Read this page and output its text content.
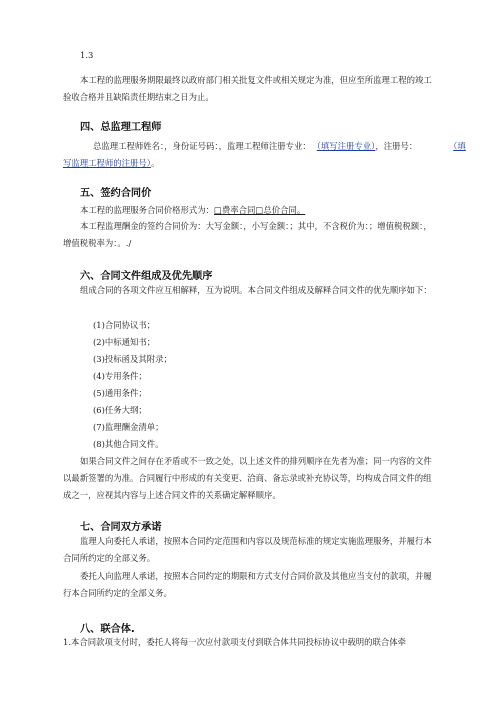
1.3

本工程的监理服务期限最终以政府部门相关批复文件或相关规定为准，但应至所监理工程的竣工验收合格并且缺陷责任期结束之日为止。

四、总监理工程师
总监理工程师姓名：，身份证号码：，监理工程师注册专业： （填写注册专业），注册号：	（填
写监理工程师的注册号）。
五、签约合同价
本工程的监理服务合同价格形式为：□费率合同□总价合同。

本工程监理酬金的签约合同价为：大写金额：，小写金额：；其中，不含税价为：；增值税税额：，增值税税率为：。./

六、合同文件组成及优先顺序

组成合同的各项文件应互相解释，互为说明。本合同文件组成及解释合同文件的优先顺序如下：

(1)合同协议书；
(2)中标通知书；
(3)投标函及其附录；
(4)专用条件；
(5)通用条件；
(6)任务大纲；
(7)监理酬金清单；
(8)其他合同文件。

如果合同文件之间存在矛盾或不一致之处，以上述文件的排列顺序在先者为准；同一内容的文件以最新签署的为准。合同履行中形成的有关变更、洽商、备忘录或补充协议等，均构成合同文件的组成之一，应视其内容与上述合同文件的关系确定解释顺序。

七、合同双方承诺

监理人向委托人承诺，按照本合同约定范围和内容以及规范标准的规定实施监理服务，并履行本合同所约定的全部义务。

委托人向监理人承诺，按照本合同约定的期限和方式支付合同价款及其他应当支付的款项，并履行本合同所约定的全部义务。

八、联合体.
1.本合同款项支付时，委托人将每一次应付款项支付到联合体共同投标协议中载明的联合体牵
